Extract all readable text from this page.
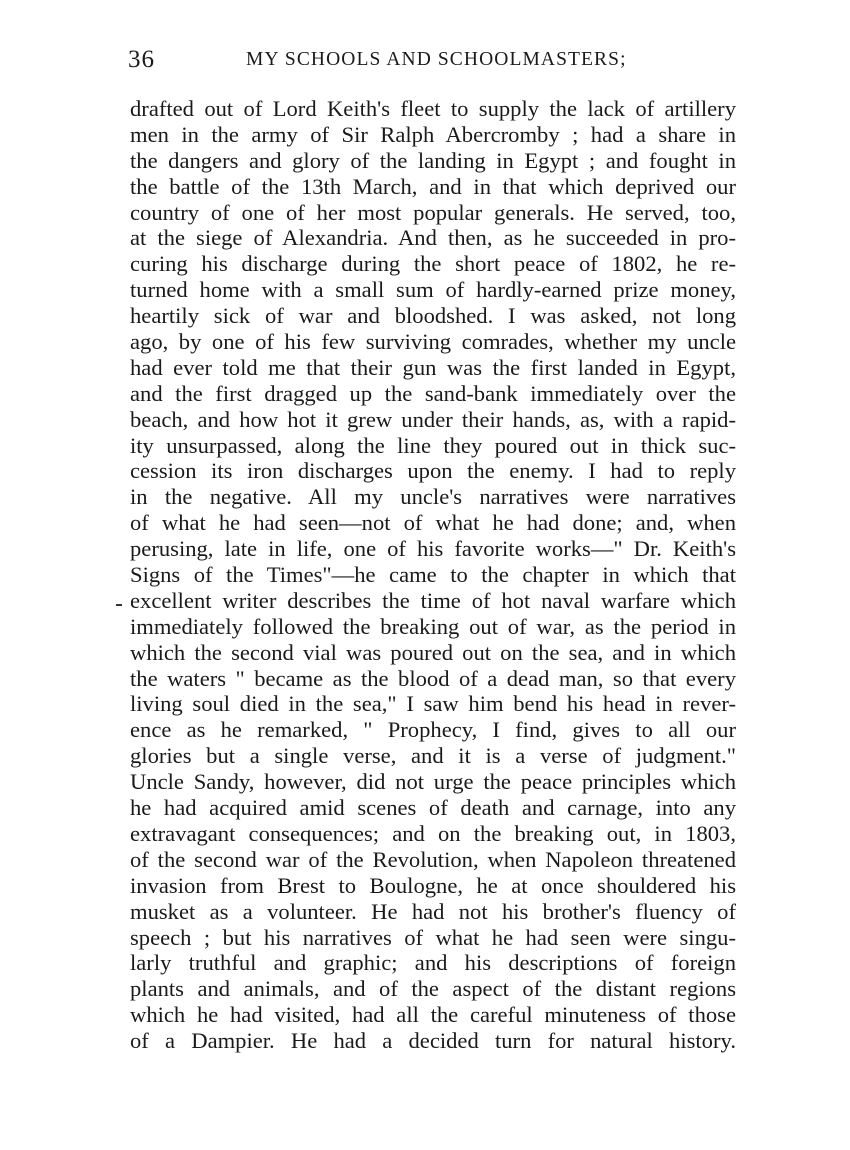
36	MY SCHOOLS AND SCHOOLMASTERS;
drafted out of Lord Keith's fleet to supply the lack of artillery
men in the army of Sir Ralph Abercromby ; had a share in
the dangers and glory of the landing in Egypt ; and fought in
the battle of the 13th March, and in that which deprived our
country of one of her most popular generals. He served, too,
at the siege of Alexandria. And then, as he succeeded in pro-
curing his discharge during the short peace of 1802, he re-
turned home with a small sum of hardly-earned prize money,
heartily sick of war and bloodshed. I was asked, not long
ago, by one of his few surviving comrades, whether my uncle
had ever told me that their gun was the first landed in Egypt,
and the first dragged up the sand-bank immediately over the
beach, and how hot it grew under their hands, as, with a rapid-
ity unsurpassed, along the line they poured out in thick suc-
cession its iron discharges upon the enemy. I had to reply
in the negative. All my uncle's narratives were narratives
of what he had seen—not of what he had done; and, when
perusing, late in life, one of his favorite works—" Dr. Keith's
Signs of the Times"—he came to the chapter in which that
excellent writer describes the time of hot naval warfare which
immediately followed the breaking out of war, as the period in
which the second vial was poured out on the sea, and in which
the waters " became as the blood of a dead man, so that every
living soul died in the sea," I saw him bend his head in rever-
ence as he remarked, " Prophecy, I find, gives to all our
glories but a single verse, and it is a verse of judgment."
Uncle Sandy, however, did not urge the peace principles which
he had acquired amid scenes of death and carnage, into any
extravagant consequences; and on the breaking out, in 1803,
of the second war of the Revolution, when Napoleon threatened
invasion from Brest to Boulogne, he at once shouldered his
musket as a volunteer. He had not his brother's fluency of
speech ; but his narratives of what he had seen were singu-
larly truthful and graphic; and his descriptions of foreign
plants and animals, and of the aspect of the distant regions
which he had visited, had all the careful minuteness of those
of a Dampier. He had a decided turn for natural history.
